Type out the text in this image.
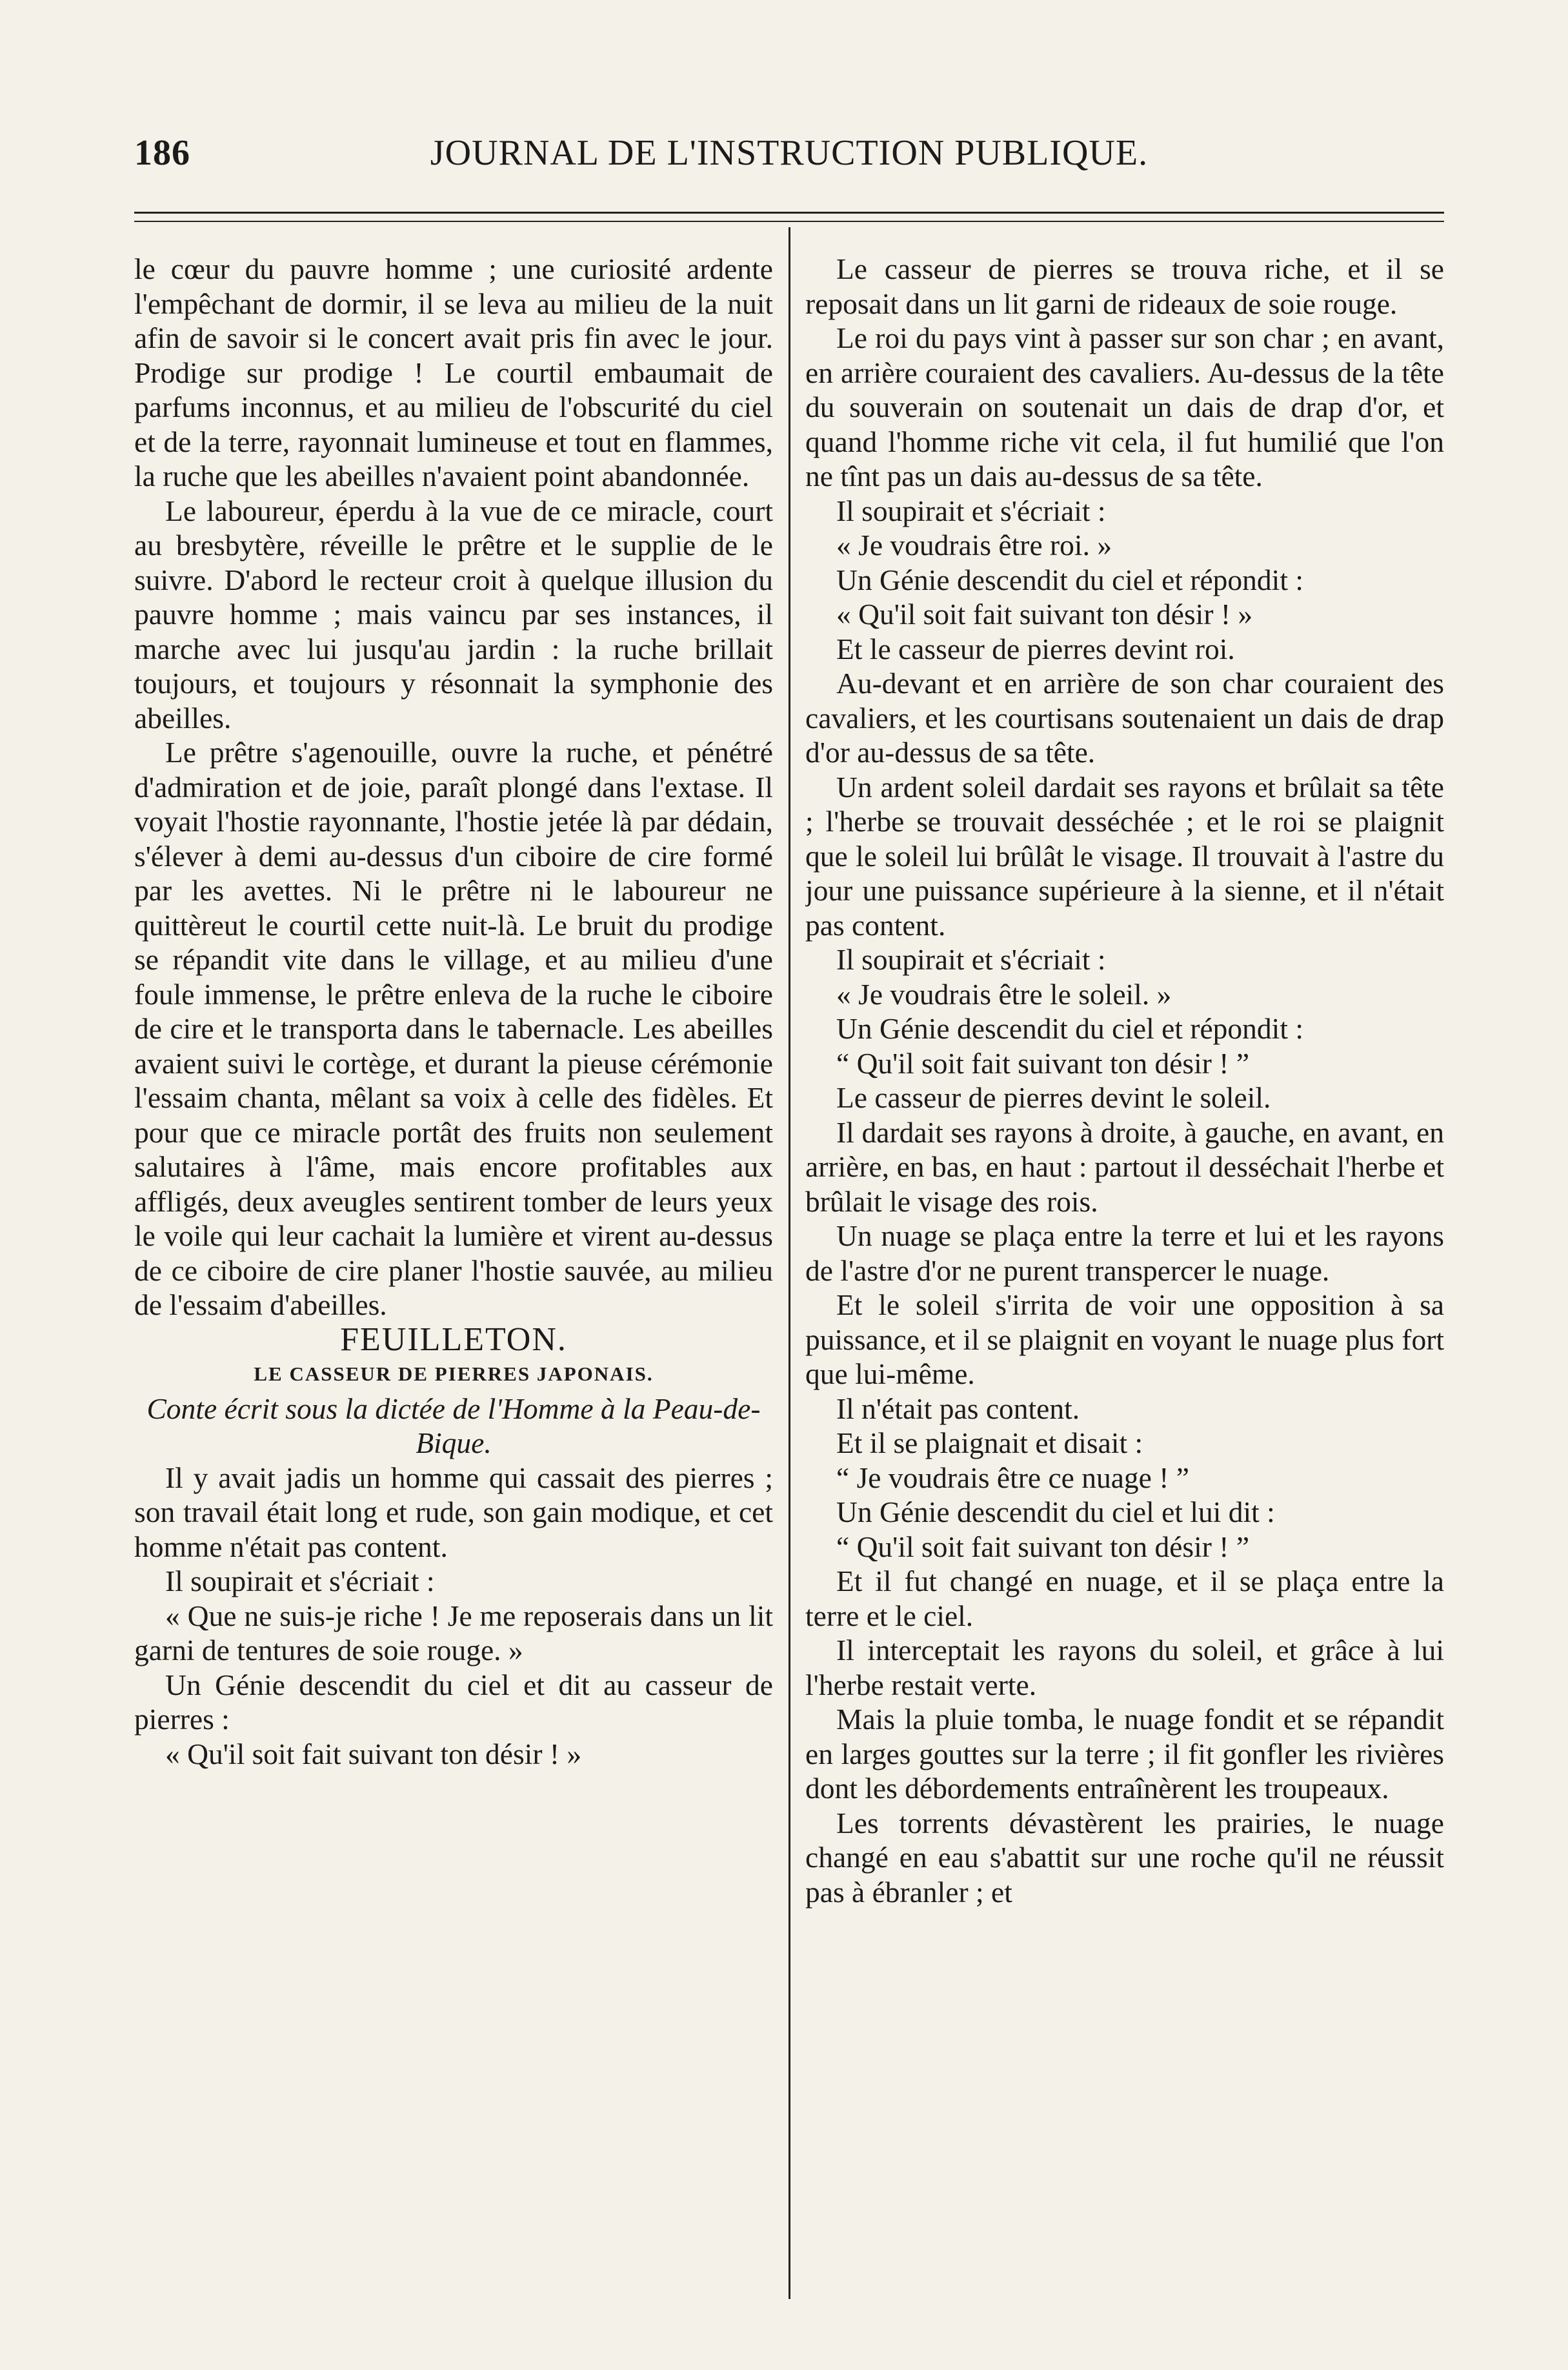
186	JOURNAL DE L'INSTRUCTION PUBLIQUE.

le cœur du pauvre homme ; une curiosité ardente l'empêchant de dormir, il se leva au milieu de la nuit afin de savoir si le concert avait pris fin avec le jour. Prodige sur prodige ! Le courtil embaumait de parfums inconnus, et au milieu de l'obscurité du ciel et de la terre, rayonnait lumineuse et tout en flammes, la ruche que les abeilles n'avaient point abandonnée.

Le laboureur, éperdu à la vue de ce miracle, court au bresbytère, réveille le prêtre et le supplie de le suivre. D'abord le recteur croit à quelque illusion du pauvre homme ; mais vaincu par ses instances, il marche avec lui jusqu'au jardin : la ruche brillait toujours, et toujours y résonnait la symphonie des abeilles.

Le prêtre s'agenouille, ouvre la ruche, et pénétré d'admiration et de joie, paraît plongé dans l'extase. Il voyait l'hostie rayonnante, l'hostie jetée là par dédain, s'élever à demi au-dessus d'un ciboire de cire formé par les avettes. Ni le prêtre ni le laboureur ne quittèreut le courtil cette nuit-là. Le bruit du prodige se répandit vite dans le village, et au milieu d'une foule immense, le prêtre enleva de la ruche le ciboire de cire et le transporta dans le tabernacle. Les abeilles avaient suivi le cortège, et durant la pieuse cérémonie l'essaim chanta, mêlant sa voix à celle des fidèles. Et pour que ce miracle portât des fruits non seulement salutaires à l'âme, mais encore profitables aux affligés, deux aveugles sentirent tomber de leurs yeux le voile qui leur cachait la lumière et virent au-dessus de ce ciboire de cire planer l'hostie sauvée, au milieu de l'essaim d'abeilles.

FEUILLETON.

LE CASSEUR DE PIERRES JAPONAIS.

Conte écrit sous la dictée de l'Homme à la Peau-de-Bique.

Il y avait jadis un homme qui cassait des pierres ; son travail était long et rude, son gain modique, et cet homme n'était pas content.

Il soupirait et s'écriait :

« Que ne suis-je riche ! Je me reposerais dans un lit garni de tentures de soie rouge. »

Un Génie descendit du ciel et dit au casseur de pierres :

« Qu'il soit fait suivant ton désir ! »

Le casseur de pierres se trouva riche, et il se reposait dans un lit garni de rideaux de soie rouge.

Le roi du pays vint à passer sur son char ; en avant, en arrière couraient des cavaliers. Au-dessus de la tête du souverain on soutenait un dais de drap d'or, et quand l'homme riche vit cela, il fut humilié que l'on ne tînt pas un dais au-dessus de sa tête.

Il soupirait et s'écriait :

« Je voudrais être roi. »

Un Génie descendit du ciel et répondit :

« Qu'il soit fait suivant ton désir ! »

Et le casseur de pierres devint roi.

Au-devant et en arrière de son char couraient des cavaliers, et les courtisans soutenaient un dais de drap d'or au-dessus de sa tête.

Un ardent soleil dardait ses rayons et brûlait sa tête ; l'herbe se trouvait desséchée ; et le roi se plaignit que le soleil lui brûlât le visage. Il trouvait à l'astre du jour une puissance supérieure à la sienne, et il n'était pas content.

Il soupirait et s'écriait :

« Je voudrais être le soleil. »

Un Génie descendit du ciel et répondit :

“ Qu'il soit fait suivant ton désir ! ”

Le casseur de pierres devint le soleil.

Il dardait ses rayons à droite, à gauche, en avant, en arrière, en bas, en haut : partout il desséchait l'herbe et brûlait le visage des rois.

Un nuage se plaça entre la terre et lui et les rayons de l'astre d'or ne purent transpercer le nuage.

Et le soleil s'irrita de voir une opposition à sa puissance, et il se plaignit en voyant le nuage plus fort que lui-même.

Il n'était pas content.

Et il se plaignait et disait :

“ Je voudrais être ce nuage ! ”

Un Génie descendit du ciel et lui dit :

“ Qu'il soit fait suivant ton désir ! ”

Et il fut changé en nuage, et il se plaça entre la terre et le ciel.

Il interceptait les rayons du soleil, et grâce à lui l'herbe restait verte.

Mais la pluie tomba, le nuage fondit et se répandit en larges gouttes sur la terre ; il fit gonfler les rivières dont les débordements entraînèrent les troupeaux.

Les torrents dévastèrent les prairies, le nuage changé en eau s'abattit sur une roche qu'il ne réussit pas à ébranler ; et
